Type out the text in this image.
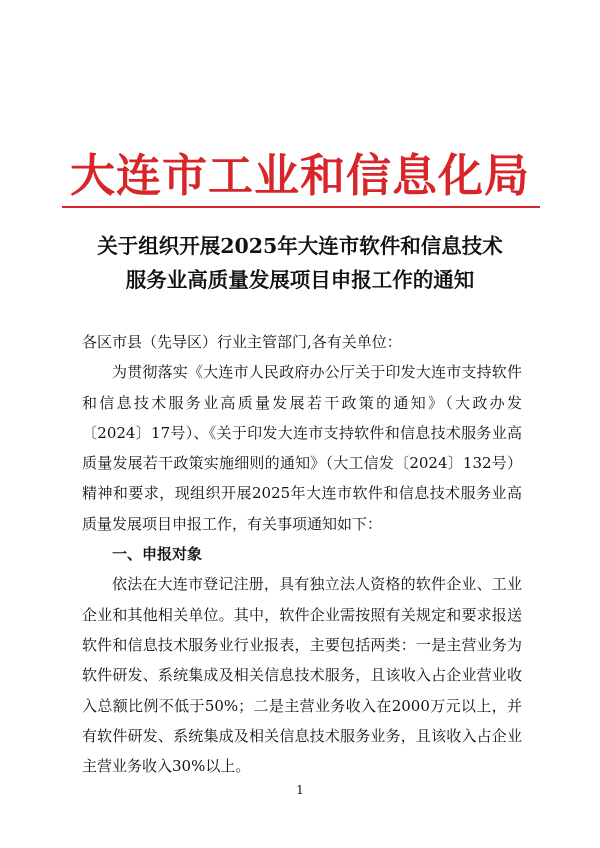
大连市工业和信息化局
关于组织开展2025年大连市软件和信息技术
服务业高质量发展项目申报工作的通知

各区市县（先导区）行业主管部门,各有关单位：

为贯彻落实《大连市人民政府办公厅关于印发大连市支持软件和信息技术服务业高质量发展若干政策的通知》（大政办发〔2024〕17号）、《关于印发大连市支持软件和信息技术服务业高质量发展若干政策实施细则的通知》（大工信发〔2024〕132号）精神和要求，现组织开展2025年大连市软件和信息技术服务业高质量发展项目申报工作，有关事项通知如下：

一、申报对象

依法在大连市登记注册，具有独立法人资格的软件企业、工业企业和其他相关单位。其中，软件企业需按照有关规定和要求报送软件和信息技术服务业行业报表，主要包括两类：一是主营业务为软件研发、系统集成及相关信息技术服务，且该收入占企业营业收入总额比例不低于50%；二是主营业务收入在2000万元以上，并有软件研发、系统集成及相关信息技术服务业务，且该收入占企业主营业务收入30%以上。

1
